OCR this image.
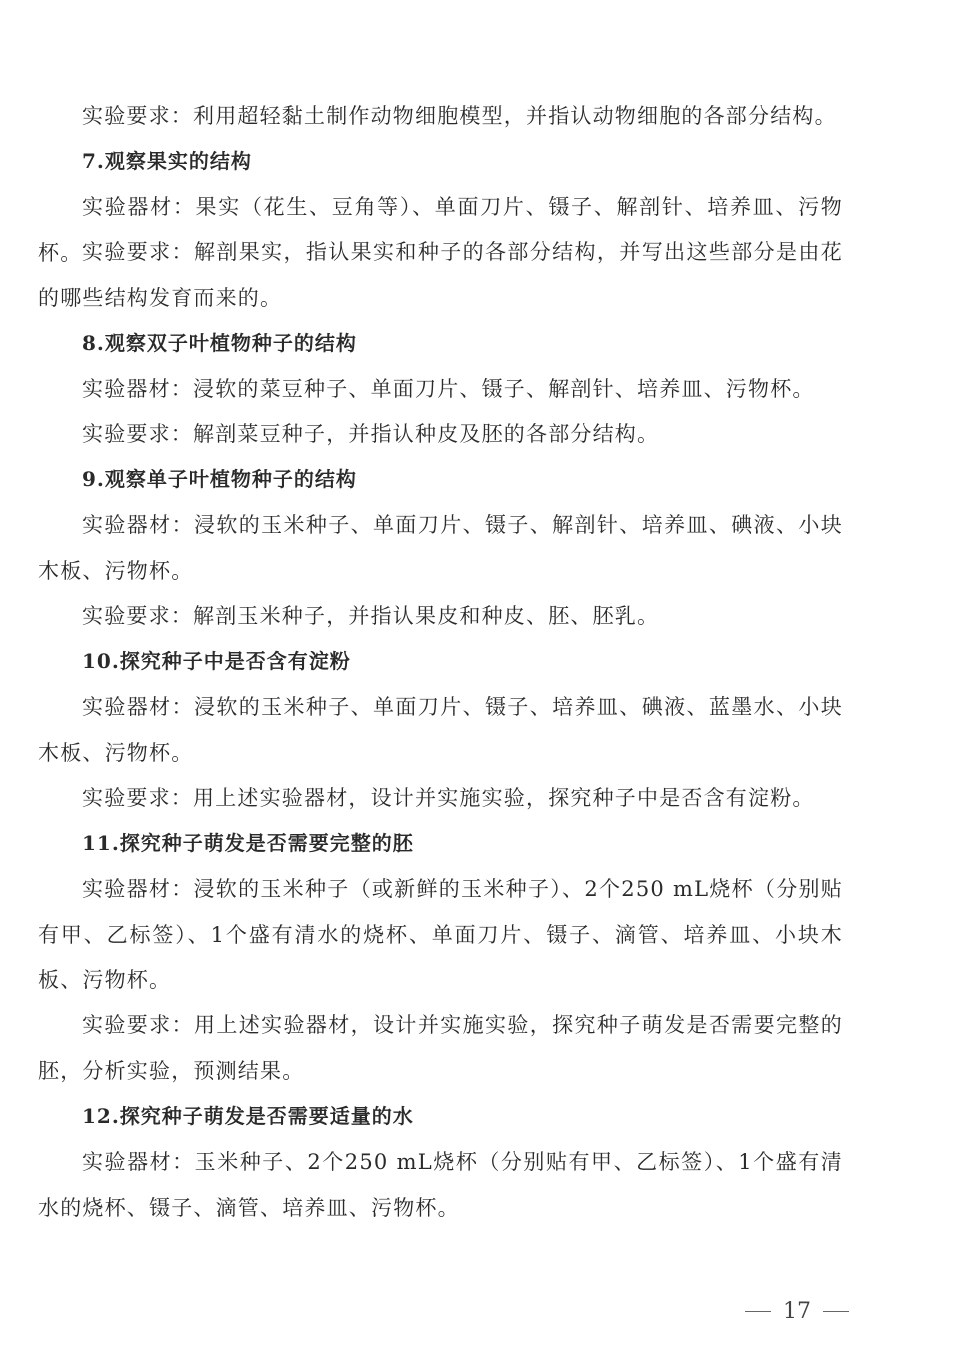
实验要求：利用超轻黏土制作动物细胞模型，并指认动物细胞的各部分结构。

7.观察果实的结构

实验器材：果实（花生、豆角等）、单面刀片、镊子、解剖针、培养皿、污物杯。 实验要求：解剖果实，指认果实和种子的各部分结构，并写出这些部分是由花的哪些结构发育而来的。

8.观察双子叶植物种子的结构

实验器材：浸软的菜豆种子、单面刀片、镊子、解剖针、培养皿、污物杯。

实验要求：解剖菜豆种子，并指认种皮及胚的各部分结构。

9.观察单子叶植物种子的结构

实验器材：浸软的玉米种子、单面刀片、镊子、解剖针、培养皿、碘液、小块木板、污物杯。

实验要求：解剖玉米种子，并指认果皮和种皮、胚、胚乳。

10.探究种子中是否含有淀粉

实验器材：浸软的玉米种子、单面刀片、镊子、培养皿、碘液、蓝墨水、小块木板、污物杯。

实验要求：用上述实验器材，设计并实施实验，探究种子中是否含有淀粉。

11.探究种子萌发是否需要完整的胚

实验器材：浸软的玉米种子（或新鲜的玉米种子）、2个250 mL烧杯（分别贴有甲、乙标签）、1个盛有清水的烧杯、单面刀片、镊子、滴管、培养皿、小块木板、污物杯。

实验要求：用上述实验器材，设计并实施实验，探究种子萌发是否需要完整的胚，分析实验，预测结果。

12.探究种子萌发是否需要适量的水

实验器材：玉米种子、2个250 mL烧杯（分别贴有甲、乙标签）、1个盛有清水的烧杯、镊子、滴管、培养皿、污物杯。

17
